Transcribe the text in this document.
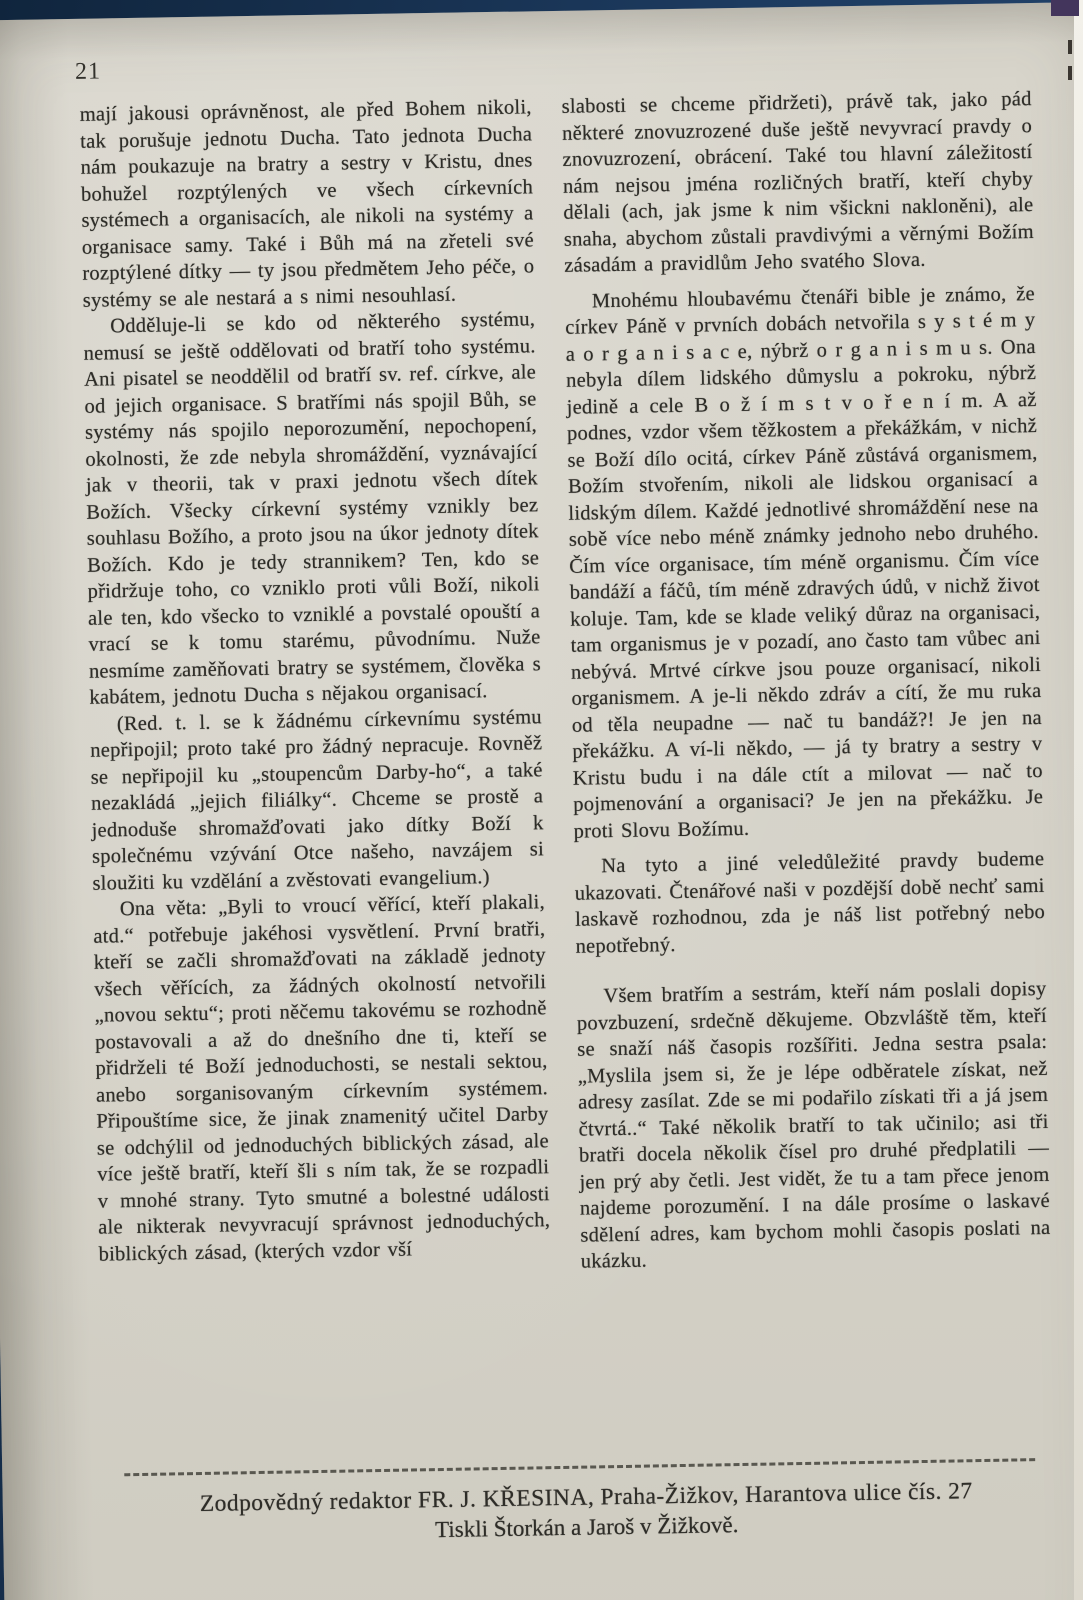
21

mají jakousi oprávněnost, ale před Bohem nikoli, tak porušuje jednotu Ducha. Tato jednota Ducha nám poukazuje na bratry a sestry v Kristu, dnes bohužel rozptýlených ve všech církevních systémech a organisacích, ale nikoli na systémy a organisace samy. Také i Bůh má na zřeteli své rozptýlené dítky — ty jsou předmětem Jeho péče, o systémy se ale nestará a s nimi nesouhlasí.

Odděluje-li se kdo od některého systému, nemusí se ještě oddělovati od bratří toho systému. Ani pisatel se neoddělil od bratří sv. ref. církve, ale od jejich organisace. S bratřími nás spojil Bůh, se systémy nás spojilo neporozumění, nepochopení, okolnosti, že zde nebyla shromáždění, vyznávající jak v theorii, tak v praxi jednotu všech dítek Božích. Všecky církevní systémy vznikly bez souhlasu Božího, a proto jsou na úkor jednoty dítek Božích. Kdo je tedy strannikem? Ten, kdo se přidržuje toho, co vzniklo proti vůli Boží, nikoli ale ten, kdo všecko to vzniklé a povstalé opouští a vrací se k tomu starému, původnímu. Nuže nesmíme zaměňovati bratry se systémem, člověka s kabátem, jednotu Ducha s nějakou organisací.

(Red. t. l. se k žádnému církevnímu systému nepřipojil; proto také pro žádný nepracuje. Rovněž se nepřipojil ku „stoupencům Darby-ho“, a také nezakládá „jejich filiálky“. Chceme se prostě a jednoduše shromažďovati jako dítky Boží k společnému vzývání Otce našeho, navzájem si sloužiti ku vzdělání a zvěstovati evangelium.)

Ona věta: „Byli to vroucí věřící, kteří plakali, atd.“ potřebuje jakéhosi vysvětlení. První bratři, kteří se začli shromažďovati na základě jednoty všech věřících, za žádných okolností netvořili „novou sektu“; proti něčemu takovému se rozhodně postavovali a až do dnešního dne ti, kteří se přidrželi té Boží jednoduchosti, se nestali sektou, anebo sorganisovaným církevním systémem. Připouštíme sice, že jinak znamenitý učitel Darby se odchýlil od jednoduchých biblických zásad, ale více ještě bratří, kteří šli s ním tak, že se rozpadli v mnohé strany. Tyto smutné a bolestné události ale nikterak nevyvracují správnost jednoduchých, biblických zásad, (kterých vzdor vší

slabosti se chceme přidržeti), právě tak, jako pád některé znovuzrozené duše ještě nevyvrací pravdy o znovuzrození, obrácení. Také tou hlavní záležitostí nám nejsou jména rozličných bratří, kteří chyby dělali (ach, jak jsme k nim všickni nakloněni), ale snaha, abychom zůstali pravdivými a věrnými Božím zásadám a pravidlům Jeho svatého Slova.

Mnohému hloubavému čtenáři bible je známo, že církev Páně v prvních dobách netvořila s y s t é m y a o r g a n i s a c e, nýbrž o r g a n i s m u s. Ona nebyla dílem lidského důmyslu a pokroku, nýbrž jedině a cele B o ž í m s t v o ř e n í m. A až podnes, vzdor všem těžkostem a překážkám, v nichž se Boží dílo ocitá, církev Páně zůstává organismem, Božím stvořením, nikoli ale lidskou organisací a lidským dílem. Každé jednotlivé shromáždění nese na sobě více nebo méně známky jednoho nebo druhého. Čím více organisace, tím méně organismu. Čím více bandáží a fáčů, tím méně zdravých údů, v nichž život koluje. Tam, kde se klade veliký důraz na organisaci, tam organismus je v pozadí, ano často tam vůbec ani nebývá. Mrtvé církve jsou pouze organisací, nikoli organismem. A je-li někdo zdráv a cítí, že mu ruka od těla neupadne — nač tu bandáž?! Je jen na překážku. A ví-li někdo, — já ty bratry a sestry v Kristu budu i na dále ctít a milovat — nač to pojmenování a organisaci? Je jen na překážku. Je proti Slovu Božímu.

Na tyto a jiné veledůležité pravdy budeme ukazovati. Čtenářové naši v pozdější době nechť sami laskavě rozhodnou, zda je náš list potřebný nebo nepotřebný.

Všem bratřím a sestrám, kteří nám poslali dopisy povzbuzení, srdečně děkujeme. Obzvláště těm, kteří se snaží náš časopis rozšířiti. Jedna sestra psala: „Myslila jsem si, že je lépe odběratele získat, než adresy zasílat. Zde se mi podařilo získati tři a já jsem čtvrtá..“ Také několik bratří to tak učinilo; asi tři bratři docela několik čísel pro druhé předplatili — jen prý aby četli. Jest vidět, že tu a tam přece jenom najdeme porozumění. I na dále prosíme o laskavé sdělení adres, kam bychom mohli časopis poslati na ukázku.

Zodpovědný redaktor FR. J. KŘESINA, Praha-Žižkov, Harantova ulice čís. 27
Tiskli Štorkán a Jaroš v Žižkově.
